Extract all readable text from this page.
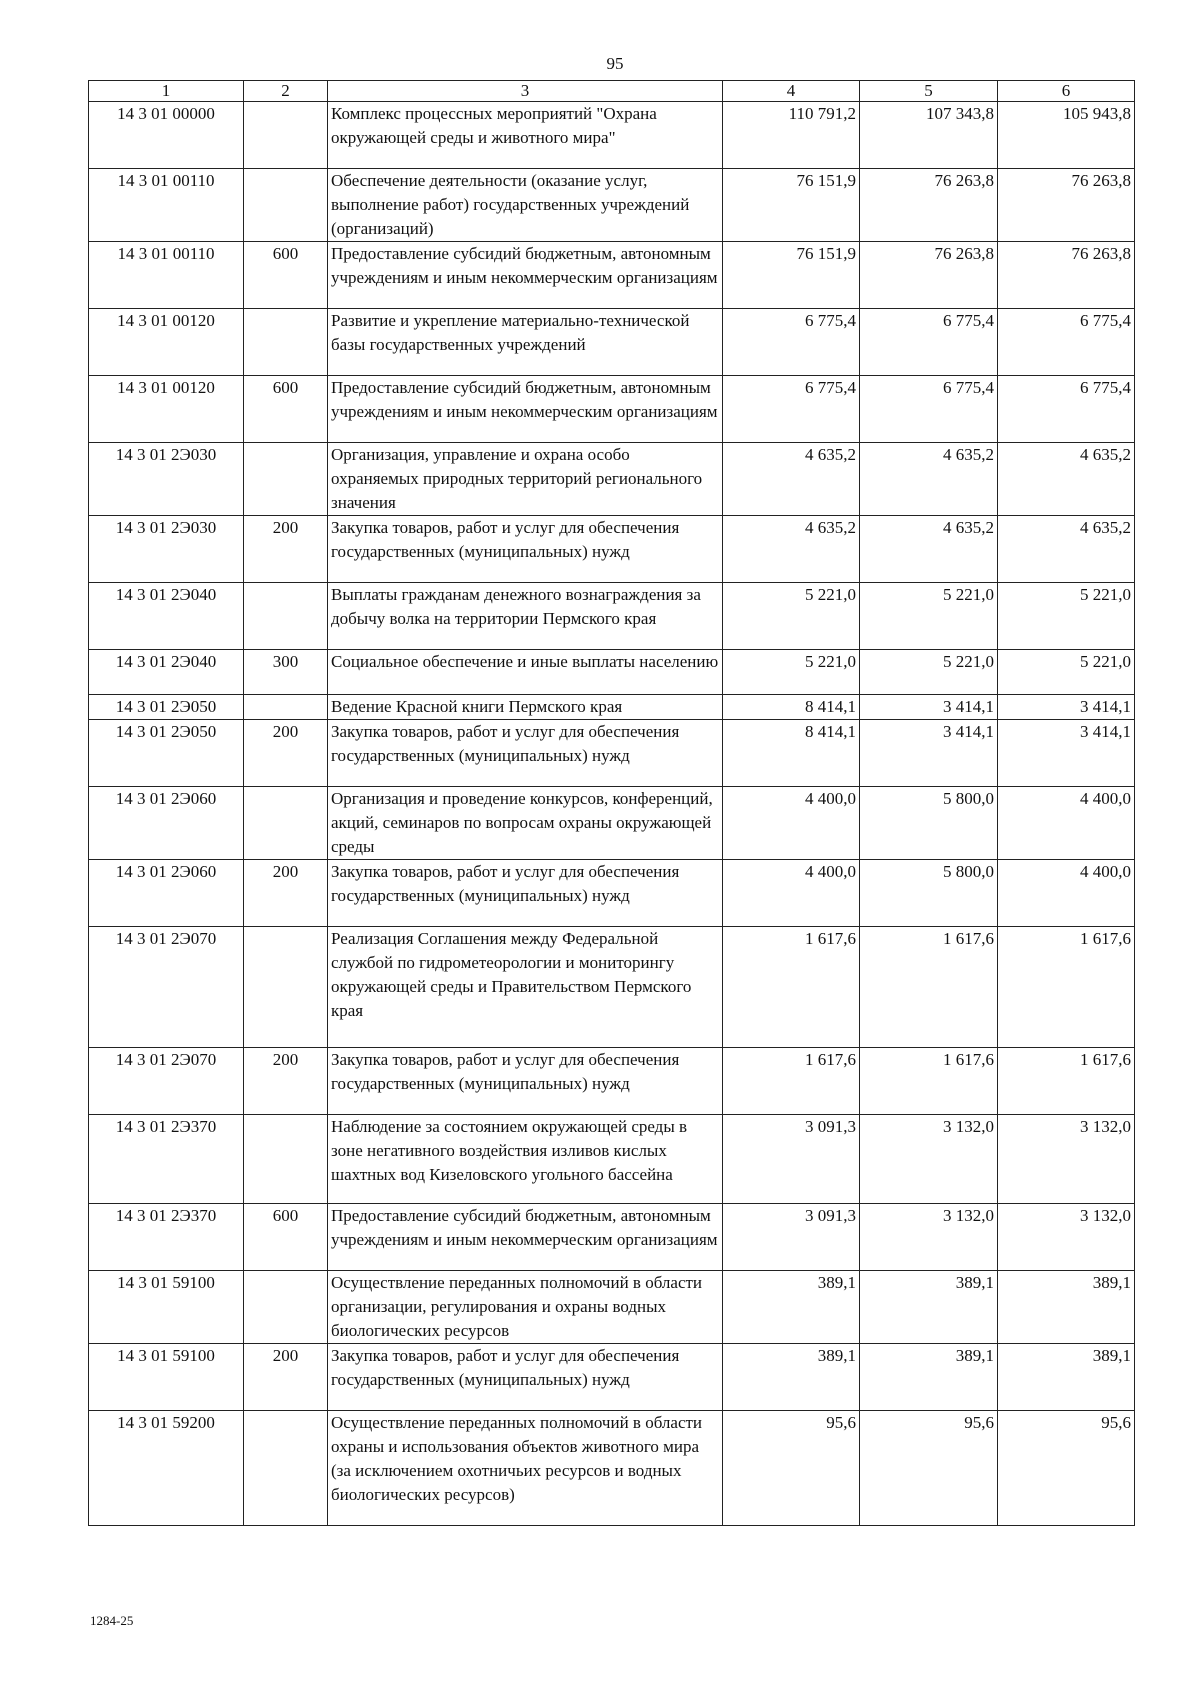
95
1	2	3	4	5	6
14 3 01 00000		Комплекс процессных мероприятий "Охрана окружающей среды и животного мира"	110 791,2	107 343,8	105 943,8
14 3 01 00110		Обеспечение деятельности (оказание услуг, выполнение работ) государственных учреждений (организаций)	76 151,9	76 263,8	76 263,8
14 3 01 00110	600	Предоставление субсидий бюджетным, автономным учреждениям и иным некоммерческим организациям	76 151,9	76 263,8	76 263,8
14 3 01 00120		Развитие и укрепление материально-технической базы государственных учреждений	6 775,4	6 775,4	6 775,4
14 3 01 00120	600	Предоставление субсидий бюджетным, автономным учреждениям и иным некоммерческим организациям	6 775,4	6 775,4	6 775,4
14 3 01 2Э030		Организация, управление и охрана особо охраняемых природных территорий регионального значения	4 635,2	4 635,2	4 635,2
14 3 01 2Э030	200	Закупка товаров, работ и услуг для обеспечения государственных (муниципальных) нужд	4 635,2	4 635,2	4 635,2
14 3 01 2Э040		Выплаты гражданам денежного вознаграждения за добычу волка на территории Пермского края	5 221,0	5 221,0	5 221,0
14 3 01 2Э040	300	Социальное обеспечение и иные выплаты населению	5 221,0	5 221,0	5 221,0
14 3 01 2Э050		Ведение Красной книги Пермского края	8 414,1	3 414,1	3 414,1
14 3 01 2Э050	200	Закупка товаров, работ и услуг для обеспечения государственных (муниципальных) нужд	8 414,1	3 414,1	3 414,1
14 3 01 2Э060		Организация и проведение конкурсов, конференций, акций, семинаров по вопросам охраны окружающей среды	4 400,0	5 800,0	4 400,0
14 3 01 2Э060	200	Закупка товаров, работ и услуг для обеспечения государственных (муниципальных) нужд	4 400,0	5 800,0	4 400,0
14 3 01 2Э070		Реализация Соглашения между Федеральной службой по гидрометеорологии и мониторингу окружающей среды и Правительством Пермского края	1 617,6	1 617,6	1 617,6
14 3 01 2Э070	200	Закупка товаров, работ и услуг для обеспечения государственных (муниципальных) нужд	1 617,6	1 617,6	1 617,6
14 3 01 2Э370		Наблюдение за состоянием окружающей среды в зоне негативного воздействия изливов кислых шахтных вод Кизеловского угольного бассейна	3 091,3	3 132,0	3 132,0
14 3 01 2Э370	600	Предоставление субсидий бюджетным, автономным учреждениям и иным некоммерческим организациям	3 091,3	3 132,0	3 132,0
14 3 01 59100		Осуществление переданных полномочий в области организации, регулирования и охраны водных биологических ресурсов	389,1	389,1	389,1
14 3 01 59100	200	Закупка товаров, работ и услуг для обеспечения государственных (муниципальных) нужд	389,1	389,1	389,1
14 3 01 59200		Осуществление переданных полномочий в области охраны и использования объектов животного мира (за исключением охотничьих ресурсов и водных биологических ресурсов)	95,6	95,6	95,6
1284-25
